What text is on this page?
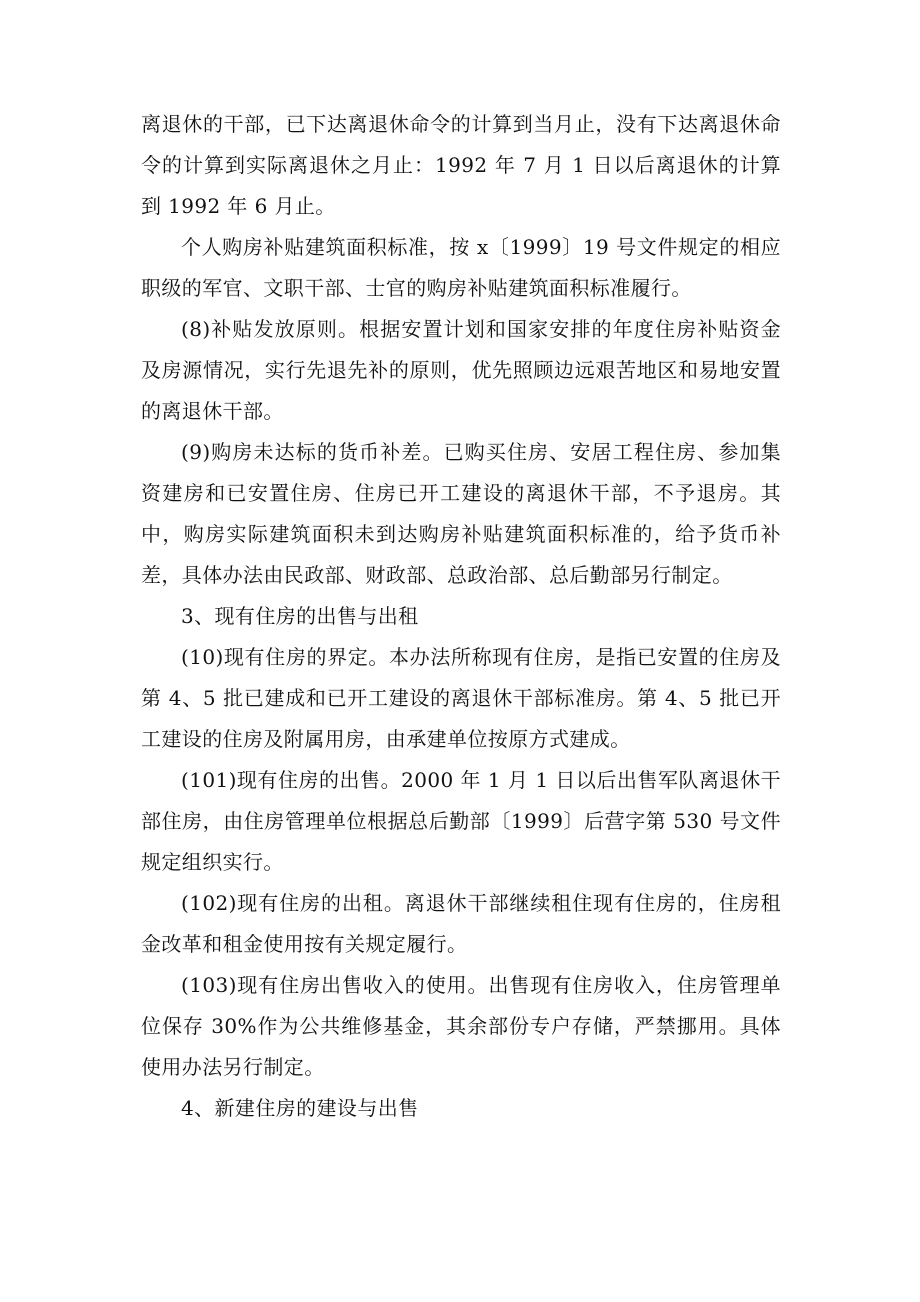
离退休的干部，已下达离退休命令的计算到当月止，没有下达离退休命令的计算到实际离退休之月止：1992 年 7 月 1 日以后离退休的计算到 1992 年 6 月止。

个人购房补贴建筑面积标准，按 x〔1999〕19 号文件规定的相应职级的军官、文职干部、士官的购房补贴建筑面积标准履行。

(8)补贴发放原则。根据安置计划和国家安排的年度住房补贴资金及房源情况，实行先退先补的原则，优先照顾边远艰苦地区和易地安置的离退休干部。

(9)购房未达标的货币补差。已购买住房、安居工程住房、参加集资建房和已安置住房、住房已开工建设的离退休干部，不予退房。其中，购房实际建筑面积未到达购房补贴建筑面积标准的，给予货币补差，具体办法由民政部、财政部、总政治部、总后勤部另行制定。

3、现有住房的出售与出租

(10)现有住房的界定。本办法所称现有住房，是指已安置的住房及第 4、5 批已建成和已开工建设的离退休干部标准房。第 4、5 批已开工建设的住房及附属用房，由承建单位按原方式建成。

(101)现有住房的出售。2000 年 1 月 1 日以后出售军队离退休干部住房，由住房管理单位根据总后勤部〔1999〕后营字第 530 号文件规定组织实行。

(102)现有住房的出租。离退休干部继续租住现有住房的，住房租金改革和租金使用按有关规定履行。

(103)现有住房出售收入的使用。出售现有住房收入，住房管理单位保存 30%作为公共维修基金，其余部份专户存储，严禁挪用。具体使用办法另行制定。

4、新建住房的建设与出售
